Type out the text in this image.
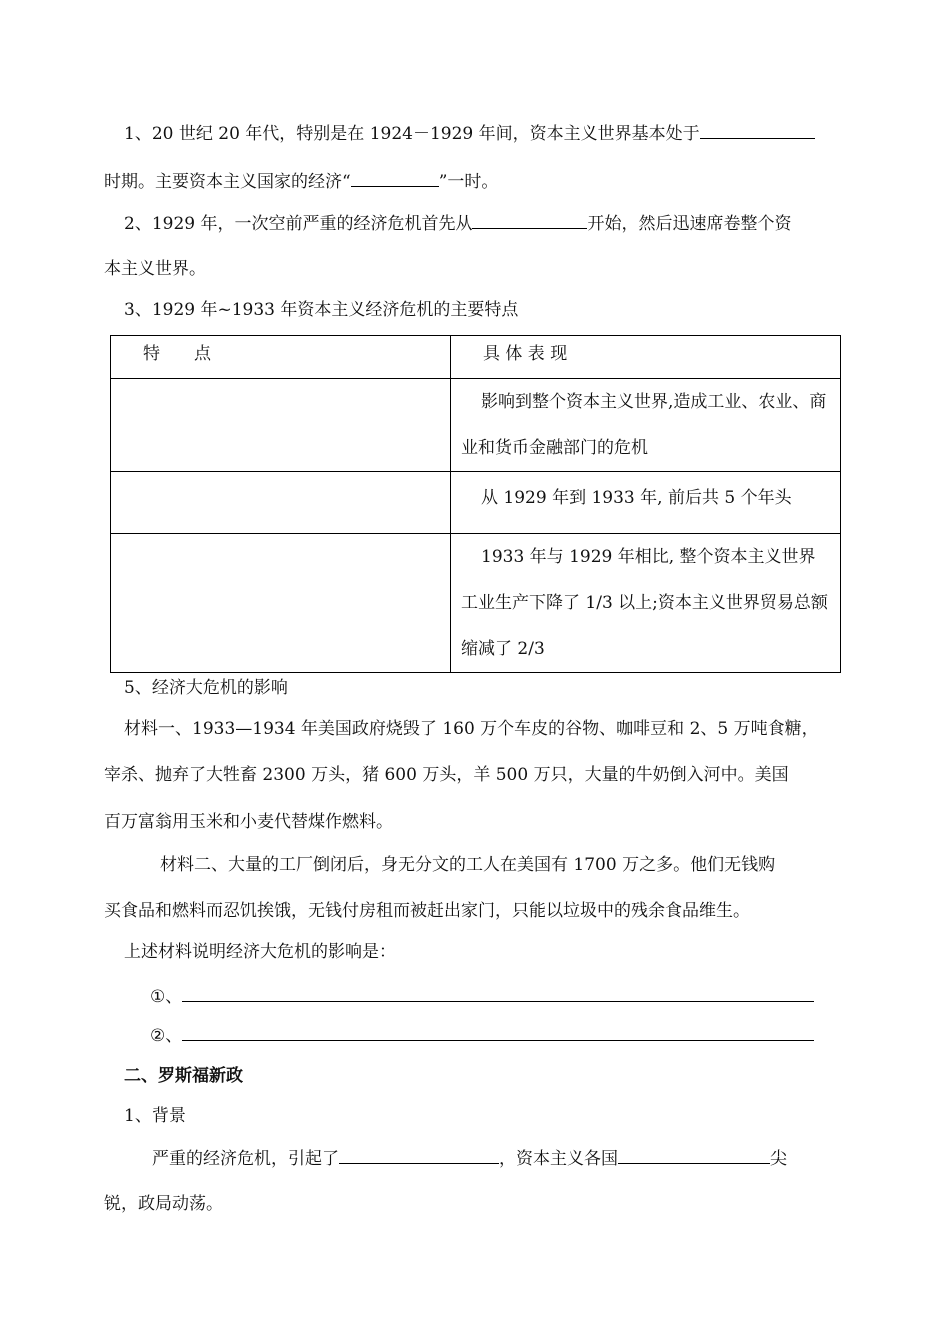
1、20 世纪 20 年代，特别是在 1924－1929 年间，资本主义世界基本处于
时期。主要资本主义国家的经济“	”一时。
2、1929 年，一次空前严重的经济危机首先从	开始，然后迅速席卷整个资
本主义世界。
3、1929 年~1933 年资本主义经济危机的主要特点
特　　点	具 体 表 现

	影响到整个资本主义世界,造成工业、农业、商业和货币金融部门的危机

	从 1929 年到 1933 年, 前后共 5 个年头

	1933 年与 1929 年相比, 整个资本主义世界工业生产下降了 1/3 以上;资本主义世界贸易总额缩减了 2/3
5、经济大危机的影响
材料一、1933—1934 年美国政府烧毁了 160 万个车皮的谷物、咖啡豆和 2、5 万吨食糖，
宰杀、抛弃了大牲畜 2300 万头，猪 600 万头，羊 500 万只，大量的牛奶倒入河中。美国
百万富翁用玉米和小麦代替煤作燃料。
材料二、大量的工厂倒闭后，身无分文的工人在美国有 1700 万之多。他们无钱购
买食品和燃料而忍饥挨饿，无钱付房租而被赶出家门，只能以垃圾中的残余食品维生。
上述材料说明经济大危机的影响是：
①、
②、
二、罗斯福新政
1、背景
严重的经济危机，引起了	，资本主义各国	尖
锐，政局动荡。
